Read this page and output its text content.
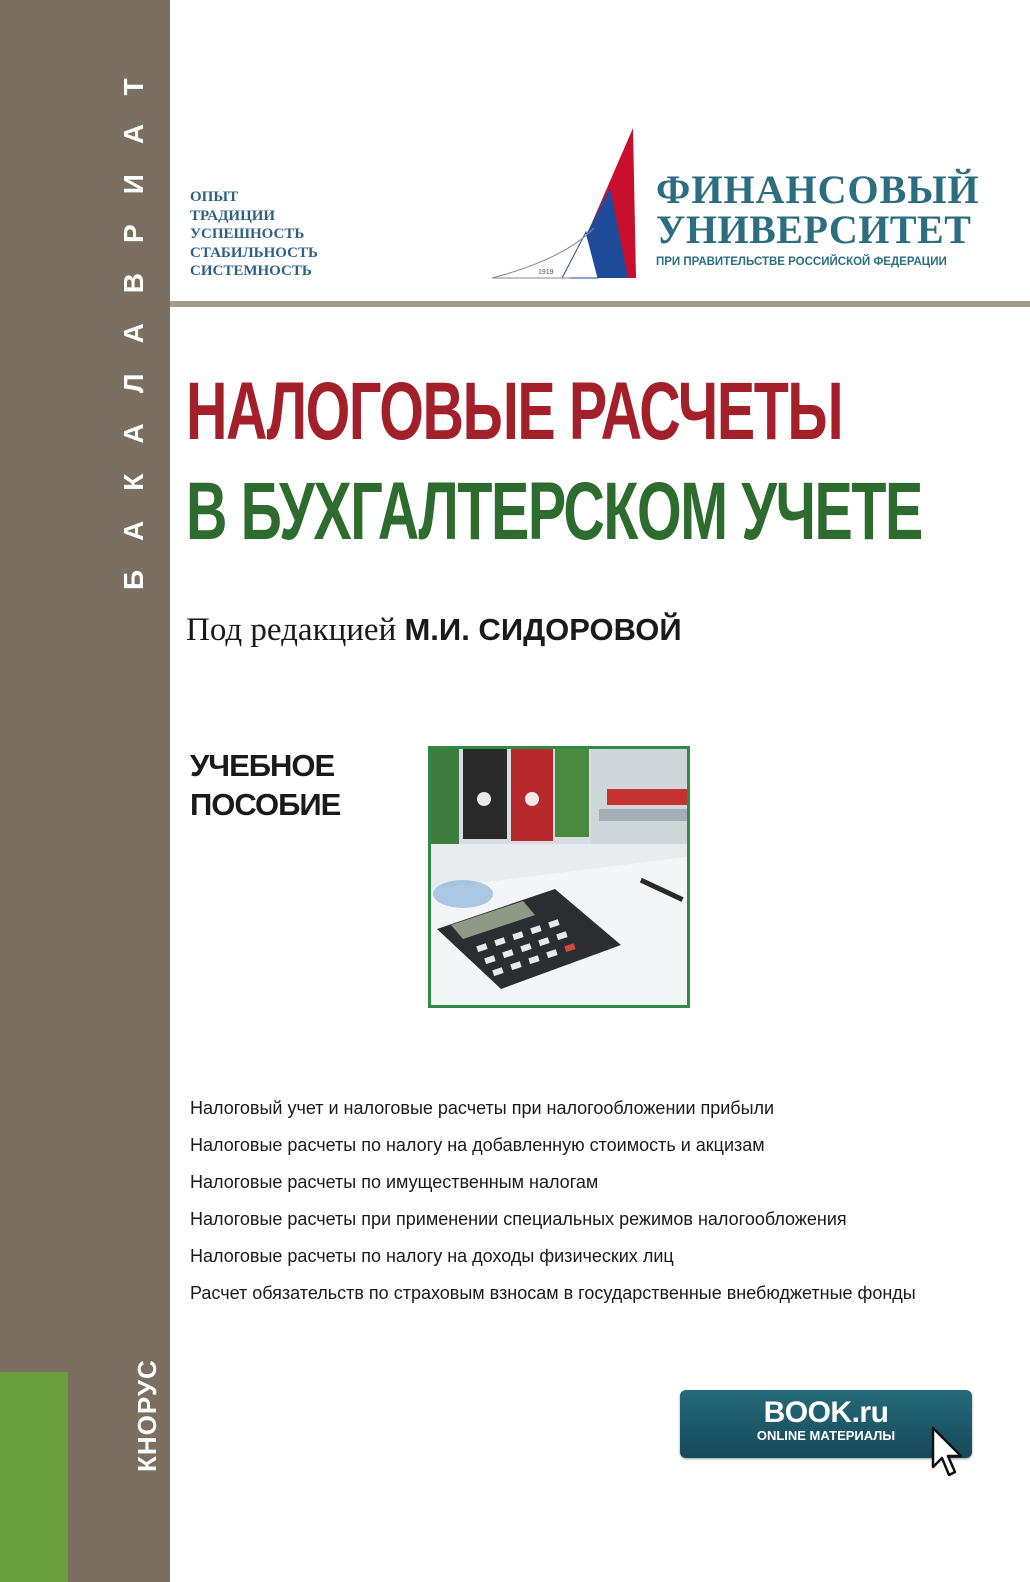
БАКАЛАВРИАТ
КНОРУС
ОПЫТ
ТРАДИЦИИ
УСПЕШНОСТЬ
СТАБИЛЬНОСТЬ
СИСТЕМНОСТЬ	1919
ФИНАНСОВЫЙ
УНИВЕРСИТЕТ
ПРИ ПРАВИТЕЛЬСТВЕ РОССИЙСКОЙ ФЕДЕРАЦИИ
НАЛОГОВЫЕ РАСЧЕТЫ
В БУХГАЛТЕРСКОМ УЧЕТЕ
Под редакцией М.И. СИДОРОВОЙ
УЧЕБНОЕ
ПОСОБИЕ
Налоговый учет и налоговые расчеты при налогообложении прибыли
Налоговые расчеты по налогу на добавленную стоимость и акцизам
Налоговые расчеты по имущественным налогам
Налоговые расчеты при применении специальных режимов налогообложения
Налоговые расчеты по налогу на доходы физических лиц
Расчет обязательств по страховым взносам в государственные внебюджетные фонды
BOOK.ru
ONLINE МАТЕРИАЛЫ
